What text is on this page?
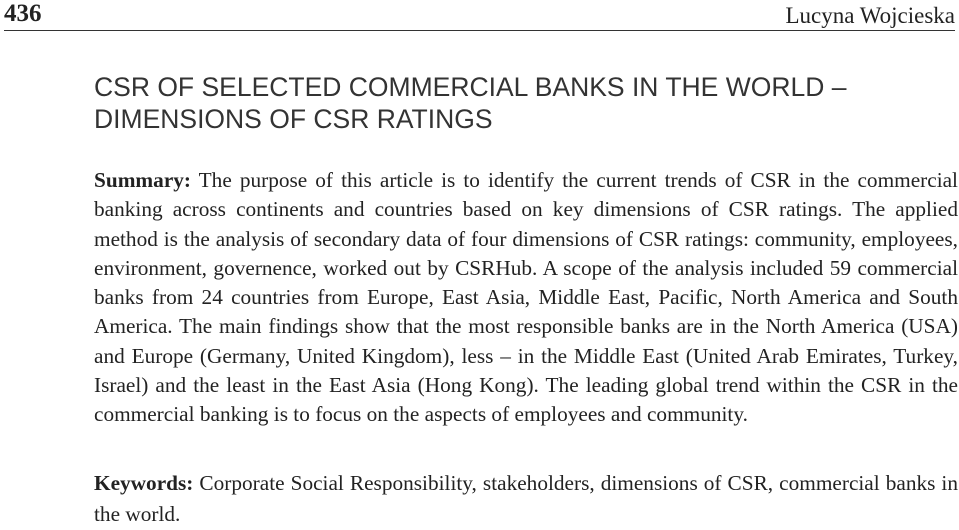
436	Lucyna Wojcieska
CSR OF SELECTED COMMERCIAL BANKS IN THE WORLD –
DIMENSIONS OF CSR RATINGS

Summary: The purpose of this article is to identify the current trends of CSR in the commercial banking across continents and countries based on key dimensions of CSR ratings. The applied method is the analysis of secondary data of four dimensions of CSR ratings: community, employees, environment, governence, worked out by CSRHub. A scope of the analysis included 59 commercial banks from 24 countries from Europe, East Asia, Middle East, Pacific, North America and South America. The main findings show that the most responsible banks are in the North America (USA) and Europe (Germany, United Kingdom), less – in the Middle East (United Arab Emirates, Turkey, Israel) and the least in the East Asia (Hong Kong). The leading global trend within the CSR in the commercial banking is to focus on the aspects of employees and community.

Keywords: Corporate Social Responsibility, stakeholders, dimensions of CSR, commercial banks in the world.
